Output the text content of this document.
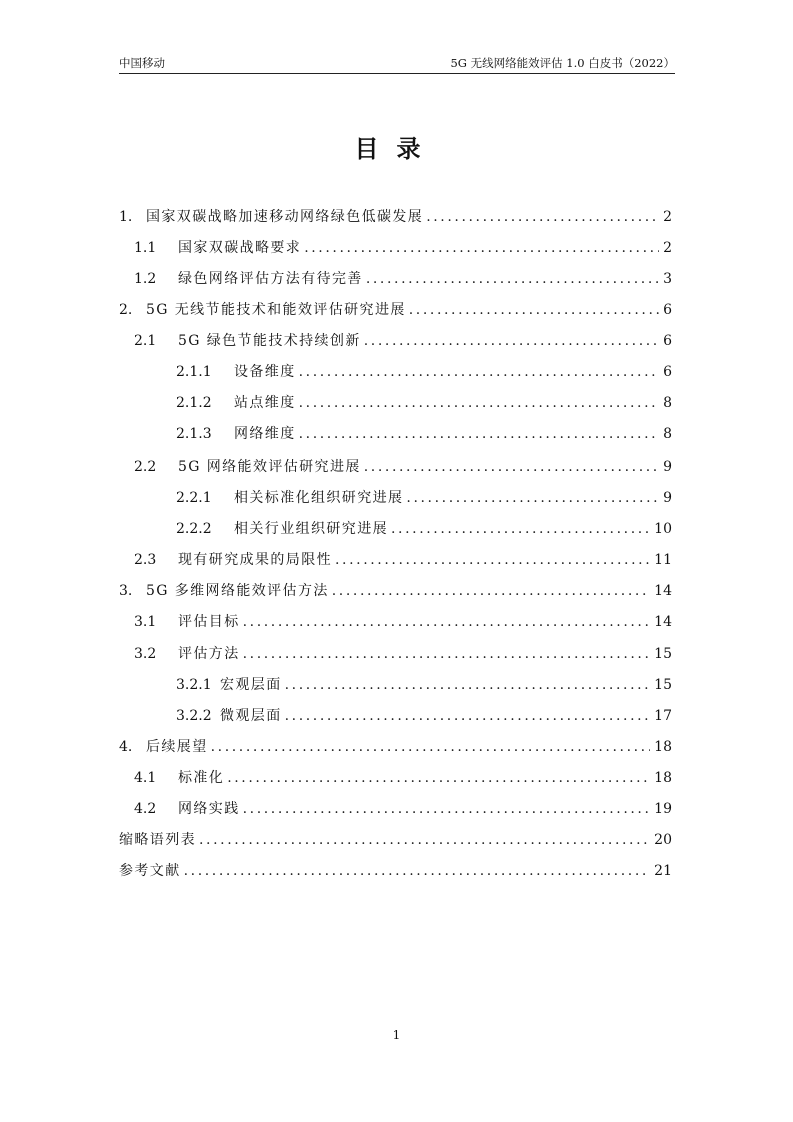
中国移动	5G 无线网络能效评估 1.0 白皮书（2022）
目录
1. 国家双碳战略加速移动网络绿色低碳发展 .....	2
1.1	国家双碳战略要求 .....	2
1.2	绿色网络评估方法有待完善 .....	3
2. 5G 无线节能技术和能效评估研究进展 .....	6
2.1	5G 绿色节能技术持续创新 .....	6
2.1.1	设备维度 .....	6
2.1.2	站点维度 .....	8
2.1.3	网络维度 .....	8
2.2	5G 网络能效评估研究进展 .....	9
2.2.1	相关标准化组织研究进展 .....	9
2.2.2	相关行业组织研究进展 .....	10
2.3	现有研究成果的局限性 .....	11
3. 5G 多维网络能效评估方法 .....	14
3.1	评估目标 .....	14
3.2	评估方法 .....	15
3.2.1 宏观层面 .....	15
3.2.2 微观层面 .....	17
4. 后续展望 .....	18
4.1	标准化 .....	18
4.2	网络实践 .....	19
缩略语列表 .....	20
参考文献 .....	21
1
